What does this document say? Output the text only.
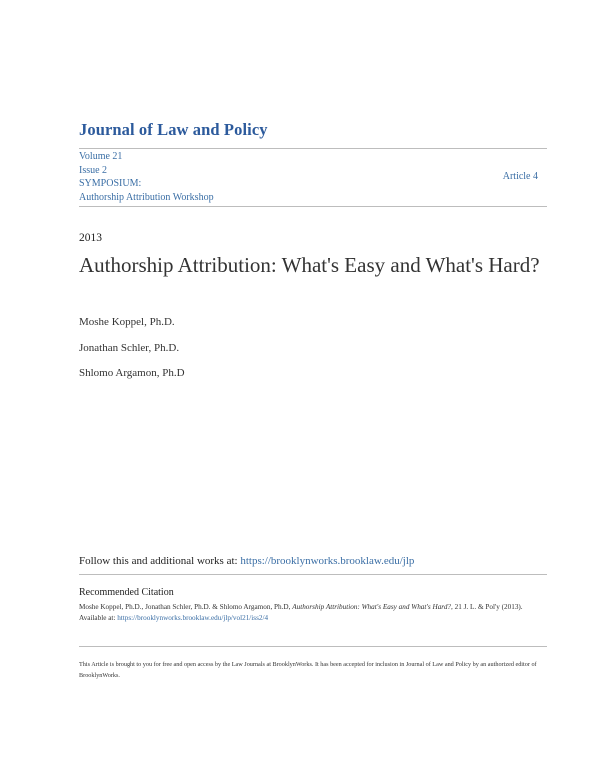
Journal of Law and Policy
Volume 21
Issue 2
SYMPOSIUM:
Authorship Attribution Workshop
Article 4
2013
Authorship Attribution: What's Easy and What's Hard?
Moshe Koppel, Ph.D.
Jonathan Schler, Ph.D.
Shlomo Argamon, Ph.D
Follow this and additional works at: https://brooklynworks.brooklaw.edu/jlp
Recommended Citation
Moshe Koppel, Ph.D., Jonathan Schler, Ph.D. & Shlomo Argamon, Ph.D, Authorship Attribution: What's Easy and What's Hard?, 21 J. L. & Pol'y (2013).
Available at: https://brooklynworks.brooklaw.edu/jlp/vol21/iss2/4
This Article is brought to you for free and open access by the Law Journals at BrooklynWorks. It has been accepted for inclusion in Journal of Law and Policy by an authorized editor of BrooklynWorks.
